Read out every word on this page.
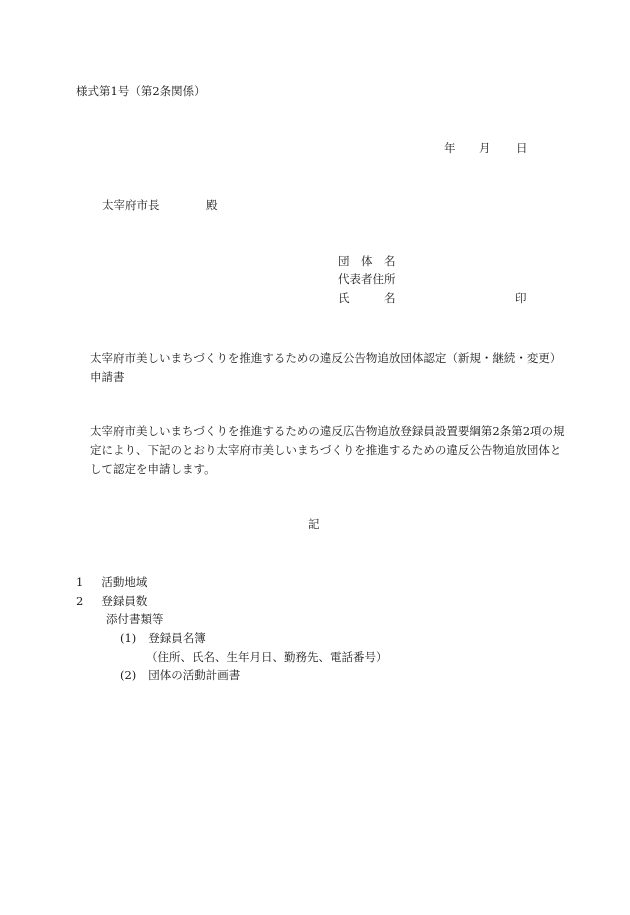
様式第1号（第2条関係）
年 月 日
太宰府市長	殿
団　体　名
代表者住所
氏　　　名	印
太宰府市美しいまちづくりを推進するための違反公告物追放団体認定（新規・継続・変更）申請書
太宰府市美しいまちづくりを推進するための違反広告物追放登録員設置要綱第2条第2項の規定により、下記のとおり太宰府市美しいまちづくりを推進するための違反公告物追放団体として認定を申請します。
記
1 活動地域
2 登録員数
添付書類等
(1) 登録員名簿
（住所、氏名、生年月日、勤務先、電話番号）
(2) 団体の活動計画書
